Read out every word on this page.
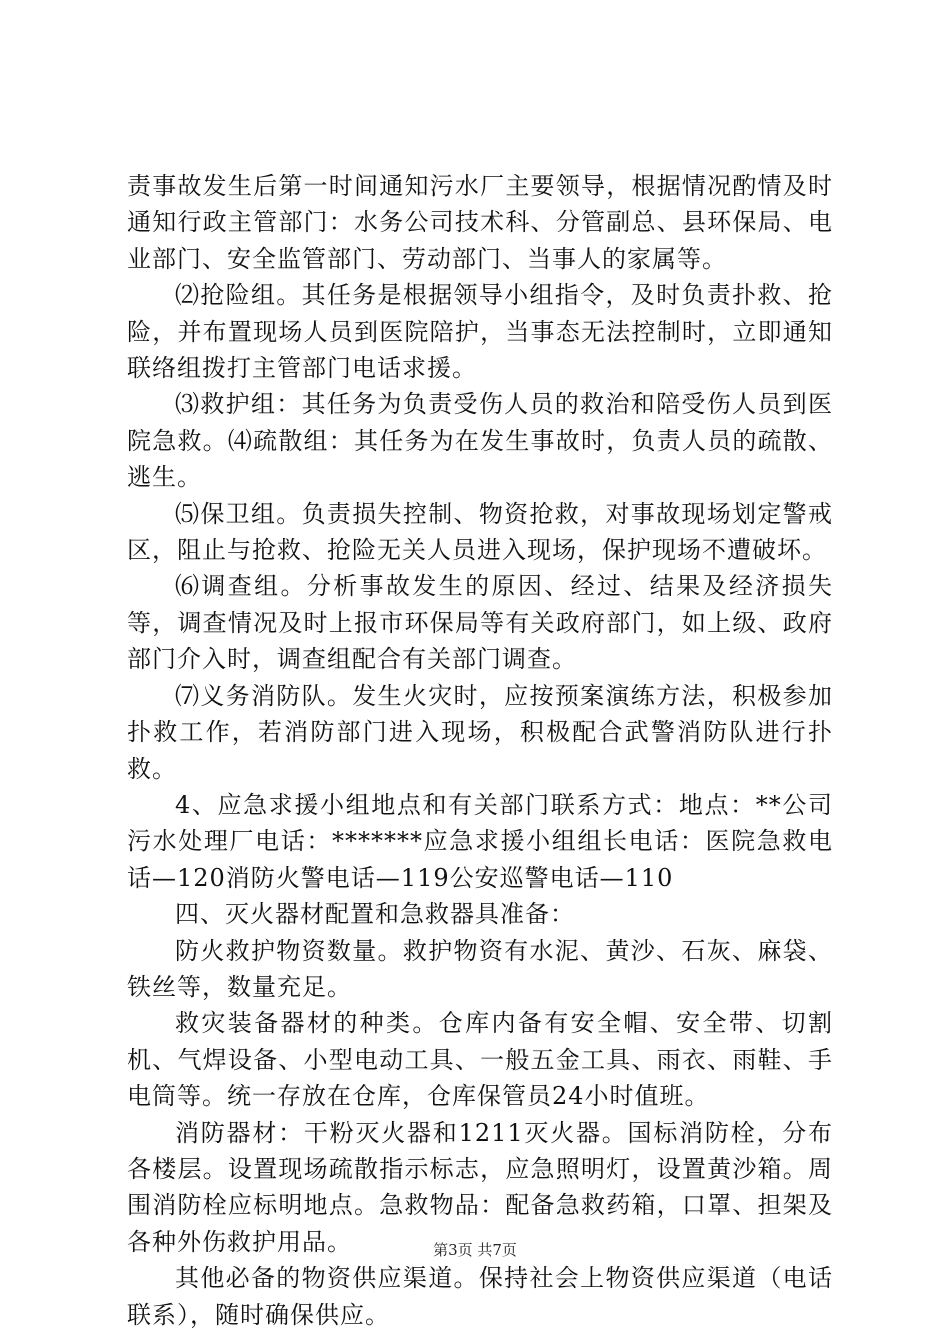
责事故发生后第一时间通知污水厂主要领导，根据情况酌情及时通知行政主管部门：水务公司技术科、分管副总、县环保局、电业部门、安全监管部门、劳动部门、当事人的家属等。

⑵抢险组。其任务是根据领导小组指令，及时负责扑救、抢险，并布置现场人员到医院陪护，当事态无法控制时，立即通知联络组拨打主管部门电话求援。

⑶救护组：其任务为负责受伤人员的救治和陪受伤人员到医院急救。⑷疏散组：其任务为在发生事故时，负责人员的疏散、逃生。

⑸保卫组。负责损失控制、物资抢救，对事故现场划定警戒区，阻止与抢救、抢险无关人员进入现场，保护现场不遭破坏。

⑹调查组。分析事故发生的原因、经过、结果及经济损失等，调查情况及时上报市环保局等有关政府部门，如上级、政府部门介入时，调查组配合有关部门调查。

⑺义务消防队。发生火灾时，应按预案演练方法，积极参加扑救工作，若消防部门进入现场，积极配合武警消防队进行扑救。

4、应急求援小组地点和有关部门联系方式：地点：**公司污水处理厂电话：*******应急求援小组组长电话：医院急救电话—120消防火警电话—119公安巡警电话—110

四、灭火器材配置和急救器具准备：

防火救护物资数量。救护物资有水泥、黄沙、石灰、麻袋、铁丝等，数量充足。

救灾装备器材的种类。仓库内备有安全帽、安全带、切割机、气焊设备、小型电动工具、一般五金工具、雨衣、雨鞋、手电筒等。统一存放在仓库，仓库保管员24小时值班。

消防器材：干粉灭火器和1211灭火器。国标消防栓，分布各楼层。设置现场疏散指示标志，应急照明灯，设置黄沙箱。周围消防栓应标明地点。急救物品：配备急救药箱，口罩、担架及各种外伤救护用品。

其他必备的物资供应渠道。保持社会上物资供应渠道（电话联系），随时确保供应。

第3页 共7页
